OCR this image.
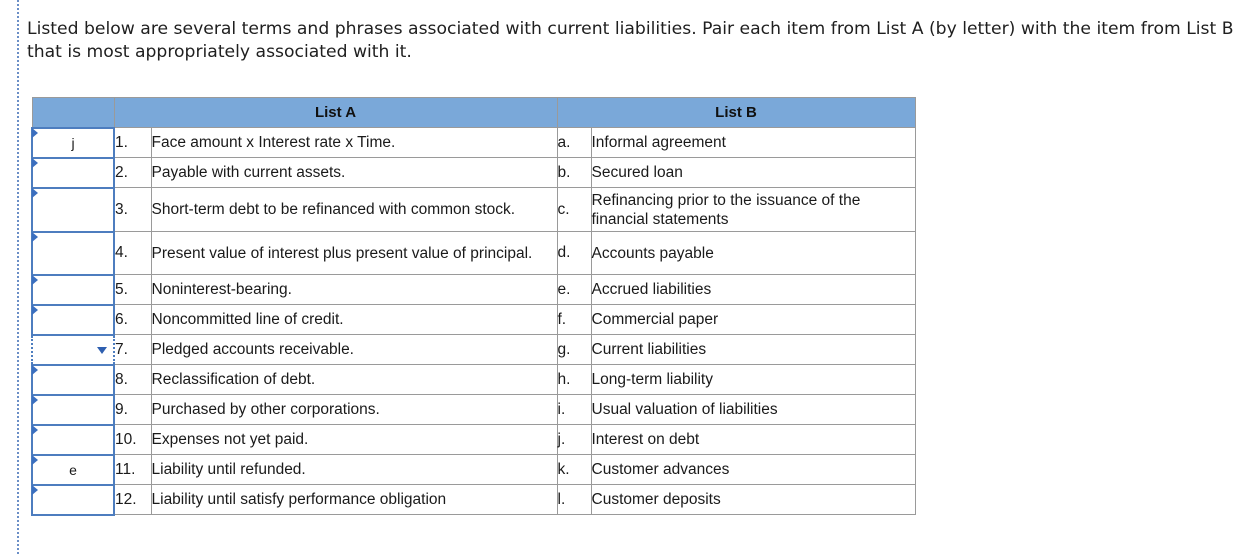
Listed below are several terms and phrases associated with current liabilities. Pair each item from List A (by letter) with the item from List B that is most appropriately associated with it.
	List A		List B	

j	1.	Face amount x Interest rate x Time.	a.	Informal agreement

	2.	Payable with current assets.	b.	Secured loan

	3.	Short-term debt to be refinanced with common stock.	c.	Refinancing prior to the issuance of the financial statements

	4.	Present value of interest plus present value of principal.	d.	Accounts payable

	5.	Noninterest-bearing.	e.	Accrued liabilities

	6.	Noncommitted line of credit.	f.	Commercial paper

	7.	Pledged accounts receivable.	g.	Current liabilities

	8.	Reclassification of debt.	h.	Long-term liability

	9.	Purchased by other corporations.	i.	Usual valuation of liabilities

	10.	Expenses not yet paid.	j.	Interest on debt

e	11.	Liability until refunded.	k.	Customer advances

	12.	Liability until satisfy performance obligation	l.	Customer deposits
